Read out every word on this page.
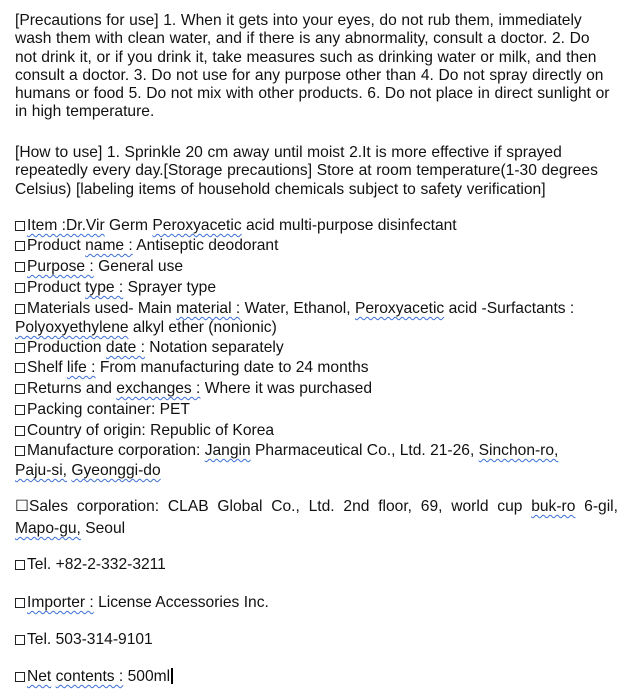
[Precautions for use] 1. When it gets into your eyes, do not rub them, immediately wash them with clean water, and if there is any abnormality, consult a doctor. 2. Do not drink it, or if you drink it, take measures such as drinking water or milk, and then consult a doctor. 3. Do not use for any purpose other than 4. Do not spray directly on humans or food 5. Do not mix with other products. 6. Do not place in direct sunlight or in high temperature.

[How to use] 1. Sprinkle 20 cm away until moist 2.It is more effective if sprayed repeatedly every day.[Storage precautions] Store at room temperature(1-30 degrees Celsius) [labeling items of household chemicals subject to safety verification]

Item :Dr.Vir Germ Peroxyacetic acid multi-purpose disinfectant
Product name : Antiseptic deodorant
Purpose : General use
Product type : Sprayer type
Materials used- Main material : Water, Ethanol, Peroxyacetic acid -Surfactants :
Polyoxyethylene alkyl ether (nonionic)
Production date : Notation separately
Shelf life : From manufacturing date to 24 months
Returns and exchanges : Where it was purchased
Packing container: PET
Country of origin: Republic of Korea
Manufacture corporation: Jangin Pharmaceutical Co., Ltd. 21-26, Sinchon-ro,
Paju-si, Gyeonggi-do
☐Sales corporation: CLAB Global Co., Ltd. 2nd floor, 69, world cup buk-ro 6-gil,
Mapo-gu, Seoul
Tel. +82-2-332-3211
Importer : License Accessories Inc.
Tel. 503-314-9101
Net contents : 500ml
